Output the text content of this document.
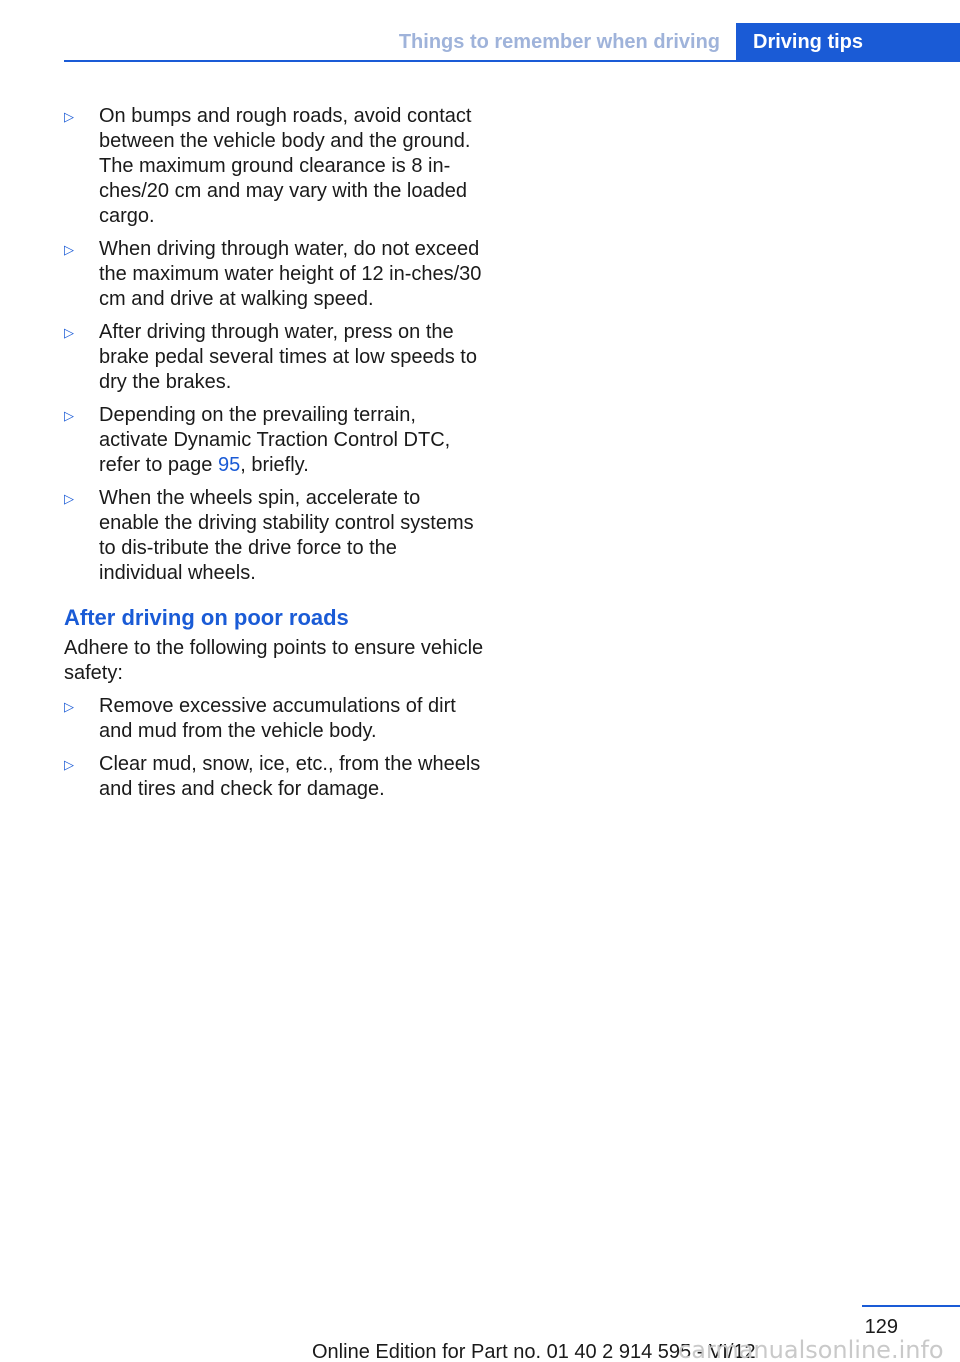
Things to remember when driving	Driving tips
▷ On bumps and rough roads, avoid contact between the vehicle body and the ground. The maximum ground clearance is 8 in-ches/20 cm and may vary with the loaded cargo.
▷ When driving through water, do not exceed the maximum water height of 12 in-ches/30 cm and drive at walking speed.
▷ After driving through water, press on the brake pedal several times at low speeds to dry the brakes.
▷ Depending on the prevailing terrain, activate Dynamic Traction Control DTC, refer to page 95, briefly.
▷ When the wheels spin, accelerate to enable the driving stability control systems to dis-tribute the drive force to the individual wheels.
After driving on poor roads
Adhere to the following points to ensure vehicle safety:
▷ Remove excessive accumulations of dirt and mud from the vehicle body.
▷ Clear mud, snow, ice, etc., from the wheels and tires and check for damage.
129
Online Edition for Part no. 01 40 2 914 595 - VI/12
carmanualsonline.info
